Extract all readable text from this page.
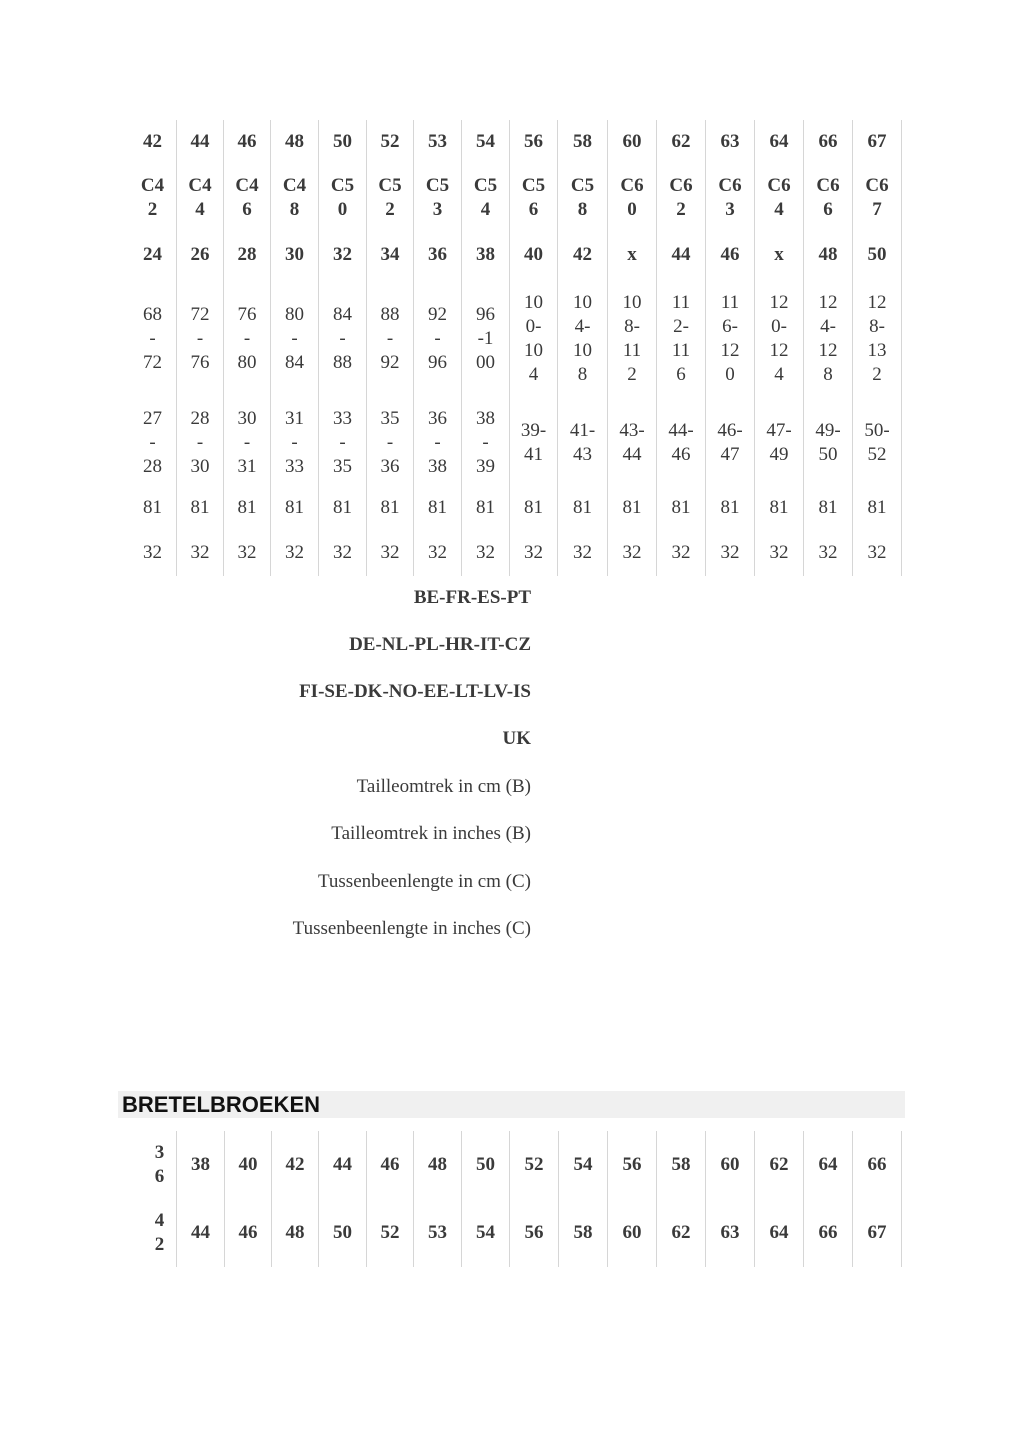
42
C4
2
24
68
-
72
27
-
28
81
32
44
C4
4
26
72
-
76
28
-
30
81
32
46
C4
6
28
76
-
80
30
-
31
81
32
48
C4
8
30
80
-
84
31
-
33
81
32
50
C5
0
32
84
-
88
33
-
35
81
32
52
C5
2
34
88
-
92
35
-
36
81
32
53
C5
3
36
92
-
96
36
-
38
81
32
54
C5
4
38
96
-1
00
38
-
39
81
32
56
C5
6
40
10
0-
10
4
39-
41
81
32
58
C5
8
42
10
4-
10
8
41-
43
81
32
60
C6
0
x
10
8-
11
2
43-
44
81
32
62
C6
2
44
11
2-
11
6
44-
46
81
32
63
C6
3
46
11
6-
12
0
46-
47
81
32
64
C6
4
x
12
0-
12
4
47-
49
81
32
66
C6
6
48
12
4-
12
8
49-
50
81
32
67
C6
7
50
12
8-
13
2
50-
52
81
32
BE-FR-ES-PT
DE-NL-PL-HR-IT-CZ
FI-SE-DK-NO-EE-LT-LV-IS
UK
Tailleomtrek in cm (B)
Tailleomtrek in inches (B)
Tussenbeenlengte in cm (C)
Tussenbeenlengte in inches (C)
BRETELBROEKEN
3
6
4
2
38
44
40
46
42
48
44
50
46
52
48
53
50
54
52
56
54
58
56
60
58
62
60
63
62
64
64
66
66
67
